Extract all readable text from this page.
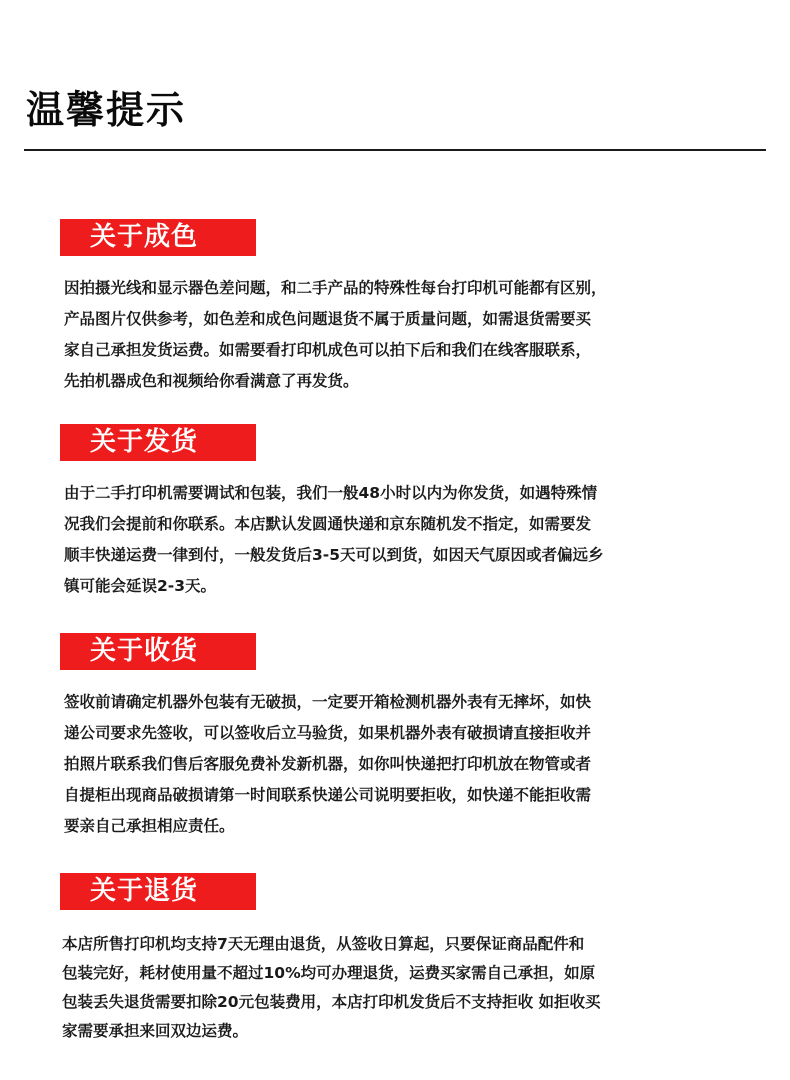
温馨提示
关于成色
因拍摄光线和显示器色差问题，和二手产品的特殊性每台打印机可能都有区别，
产品图片仅供参考，如色差和成色问题退货不属于质量问题，如需退货需要买
家自己承担发货运费。如需要看打印机成色可以拍下后和我们在线客服联系，
先拍机器成色和视频给你看满意了再发货。
关于发货
由于二手打印机需要调试和包装，我们一般48小时以内为你发货，如遇特殊情
况我们会提前和你联系。本店默认发圆通快递和京东随机发不指定，如需要发
顺丰快递运费一律到付，一般发货后3-5天可以到货，如因天气原因或者偏远乡
镇可能会延误2-3天。
关于收货
签收前请确定机器外包装有无破损，一定要开箱检测机器外表有无摔坏，如快
递公司要求先签收，可以签收后立马验货，如果机器外表有破损请直接拒收并
拍照片联系我们售后客服免费补发新机器，如你叫快递把打印机放在物管或者
自提柜出现商品破损请第一时间联系快递公司说明要拒收，如快递不能拒收需
要亲自己承担相应责任。
关于退货
本店所售打印机均支持7天无理由退货，从签收日算起，只要保证商品配件和
包装完好，耗材使用量不超过10%均可办理退货，运费买家需自己承担，如原
包装丢失退货需要扣除20元包装费用，本店打印机发货后不支持拒收 如拒收买
家需要承担来回双边运费。
